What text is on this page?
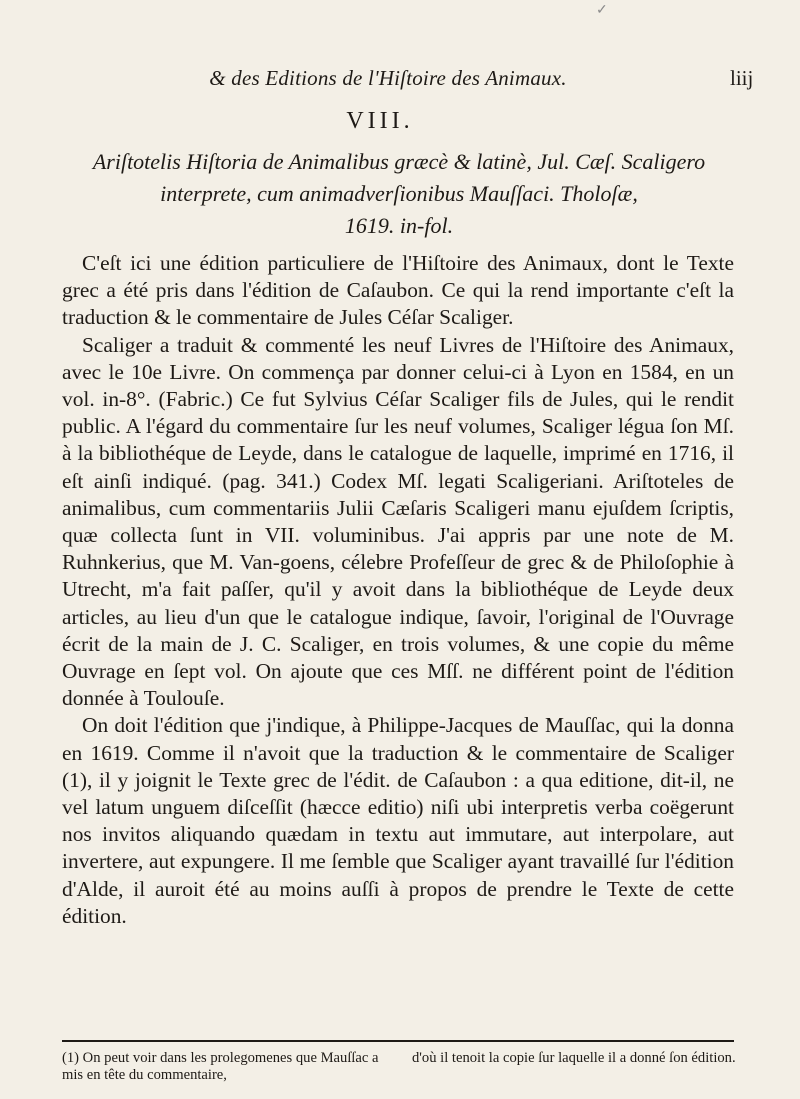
✓
& des Editions de l'Hiſtoire des Animaux.	liij
VIII.

Ariſtotelis Hiſtoria de Animalibus græcè & latinè, Jul. Cæſ. Scaligero

interprete, cum animadverſionibus Mauſſaci. Tholoſæ,

1619. in-fol.

C'eſt ici une édition particuliere de l'Hiſtoire des Animaux, dont le Texte grec a été pris dans l'édition de Caſaubon. Ce qui la rend importante c'eſt la traduction & le commentaire de Jules Céſar Scaliger.

Scaliger a traduit & commenté les neuf Livres de l'Hiſtoire des Animaux, avec le 10e Livre. On commença par donner celui-ci à Lyon en 1584, en un vol. in-8°. (Fabric.) Ce fut Sylvius Céſar Scaliger fils de Jules, qui le rendit public. A l'égard du commentaire ſur les neuf volumes, Scaliger légua ſon Mſ. à la bibliothéque de Leyde, dans le catalogue de laquelle, imprimé en 1716, il eſt ainſi indiqué. (pag. 341.) Codex Mſ. legati Scaligeriani. Ariſtoteles de animalibus, cum commentariis Julii Cæſaris Scaligeri manu ejuſdem ſcriptis, quæ collecta ſunt in VII. voluminibus. J'ai appris par une note de M. Ruhnkerius, que M. Van-goens, célebre Profeſſeur de grec & de Philoſophie à Utrecht, m'a fait paſſer, qu'il y avoit dans la bibliothéque de Leyde deux articles, au lieu d'un que le catalogue indique, ſavoir, l'original de l'Ouvrage écrit de la main de J. C. Scaliger, en trois volumes, & une copie du même Ouvrage en ſept vol. On ajoute que ces Mſſ. ne différent point de l'édition donnée à Toulouſe.

On doit l'édition que j'indique, à Philippe-Jacques de Mauſſac, qui la donna en 1619. Comme il n'avoit que la traduction & le commentaire de Scaliger (1), il y joignit le Texte grec de l'édit. de Caſaubon : a qua editione, dit-il, ne vel latum unguem diſceſſit (hæcce editio) niſi ubi interpretis verba coëgerunt nos invitos aliquando quædam in textu aut immutare, aut interpolare, aut invertere, aut expungere. Il me ſemble que Scaliger ayant travaillé ſur l'édition d'Alde, il auroit été au moins auſſi à propos de prendre le Texte de cette édition.

(1) On peut voir dans les prolegomenes que Mauſſac a mis en tête du commentaire,
d'où il tenoit la copie ſur laquelle il a donné ſon édition.
